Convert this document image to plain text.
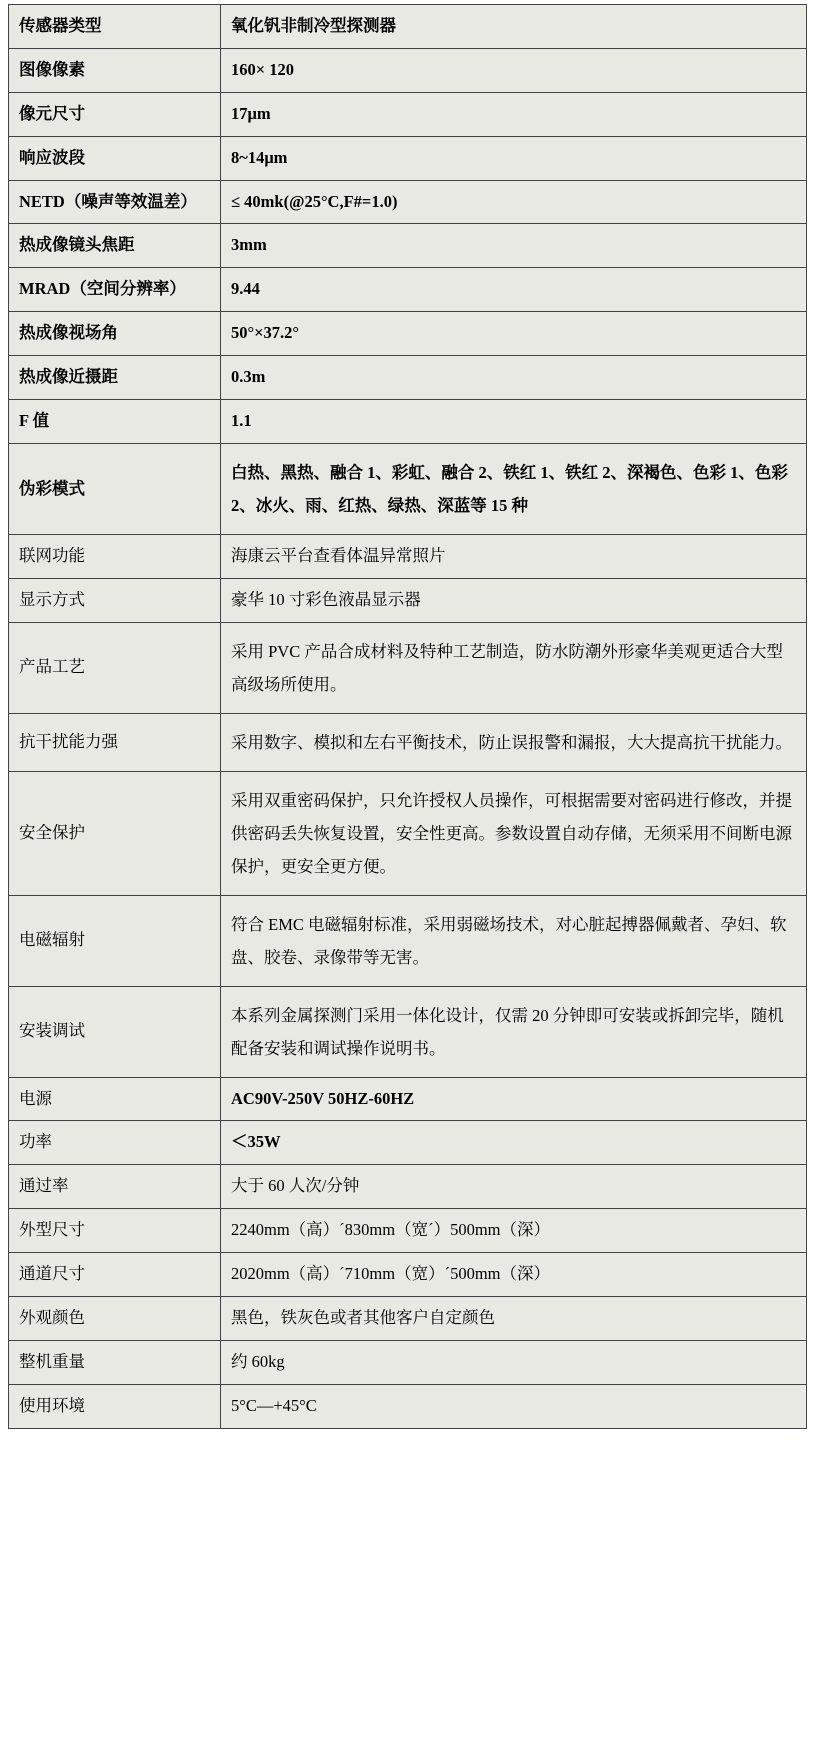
传感器类型	氧化钒非制冷型探测器
图像像素	160× 120
像元尺寸	17μm
响应波段	8~14μm
NETD（噪声等效温差）	≤ 40mk(@25°C,F#=1.0)
热成像镜头焦距	3mm
MRAD（空间分辨率）	9.44
热成像视场角	50°×37.2°
热成像近摄距	0.3m
F 值	1.1
伪彩模式	白热、黑热、融合 1、彩虹、融合 2、铁红 1、铁红 2、深褐色、色彩 1、色彩 2、冰火、雨、红热、绿热、深蓝等 15 种
联网功能	海康云平台查看体温异常照片
显示方式	豪华 10 寸彩色液晶显示器
产品工艺	采用 PVC 产品合成材料及特种工艺制造，防水防潮外形豪华美观更适合大型高级场所使用。
抗干扰能力强	采用数字、模拟和左右平衡技术，防止误报警和漏报，大大提高抗干扰能力。
安全保护	采用双重密码保护，只允许授权人员操作，可根据需要对密码进行修改，并提供密码丢失恢复设置，安全性更高。参数设置自动存储，无须采用不间断电源保护，更安全更方便。
电磁辐射	符合 EMC 电磁辐射标准，采用弱磁场技术，对心脏起搏器佩戴者、孕妇、软盘、胶卷、录像带等无害。
安装调试	本系列金属探测门采用一体化设计，仅需 20 分钟即可安装或拆卸完毕，随机配备安装和调试操作说明书。
电源	AC90V-250V 50HZ-60HZ
功率	＜35W
通过率	大于 60 人次/分钟
外型尺寸	2240mm（高）´830mm（宽´）500mm（深）
通道尺寸	2020mm（高）´710mm（宽）´500mm（深）
外观颜色	黑色，铁灰色或者其他客户自定颜色
整机重量	约 60kg
使用环境	5°C—+45°C
